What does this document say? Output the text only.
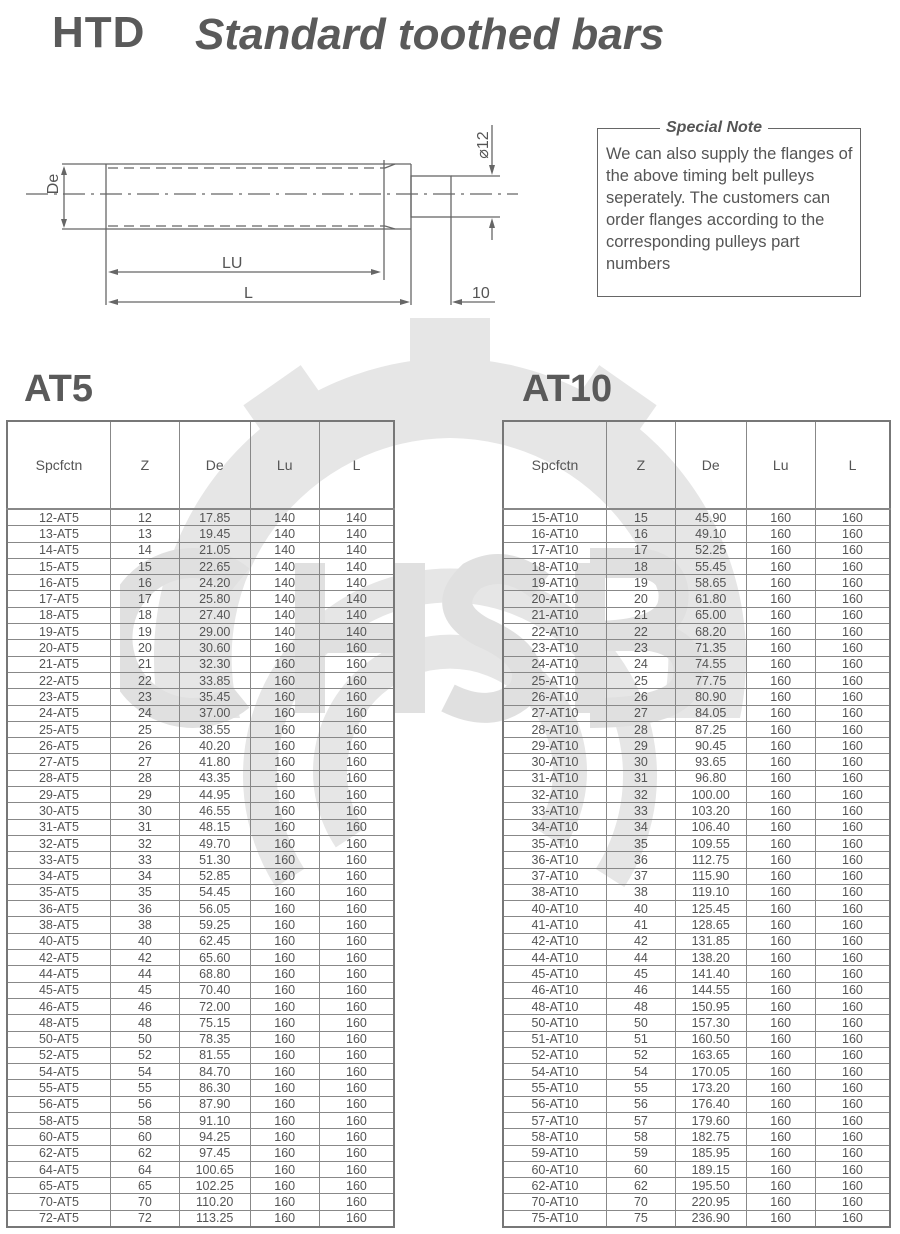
HTD Standard toothed bars
De
LU
L	10
⌀12
Special Note
We can also supply the flanges of the above timing belt pulleys seperately. The customers can order flanges according to the corresponding pulleys part numbers
AT5	AT10
Spcfctn	Z	De	Lu	L
12-AT5	12	17.85	140	140
13-AT5	13	19.45	140	140
14-AT5	14	21.05	140	140
15-AT5	15	22.65	140	140
16-AT5	16	24.20	140	140
17-AT5	17	25.80	140	140
18-AT5	18	27.40	140	140
19-AT5	19	29.00	140	140
20-AT5	20	30.60	160	160
21-AT5	21	32.30	160	160
22-AT5	22	33.85	160	160
23-AT5	23	35.45	160	160
24-AT5	24	37.00	160	160
25-AT5	25	38.55	160	160
26-AT5	26	40.20	160	160
27-AT5	27	41.80	160	160
28-AT5	28	43.35	160	160
29-AT5	29	44.95	160	160
30-AT5	30	46.55	160	160
31-AT5	31	48.15	160	160
32-AT5	32	49.70	160	160
33-AT5	33	51.30	160	160
34-AT5	34	52.85	160	160
35-AT5	35	54.45	160	160
36-AT5	36	56.05	160	160
38-AT5	38	59.25	160	160
40-AT5	40	62.45	160	160
42-AT5	42	65.60	160	160
44-AT5	44	68.80	160	160
45-AT5	45	70.40	160	160
46-AT5	46	72.00	160	160
48-AT5	48	75.15	160	160
50-AT5	50	78.35	160	160
52-AT5	52	81.55	160	160
54-AT5	54	84.70	160	160
55-AT5	55	86.30	160	160
56-AT5	56	87.90	160	160
58-AT5	58	91.10	160	160
60-AT5	60	94.25	160	160
62-AT5	62	97.45	160	160
64-AT5	64	100.65	160	160
65-AT5	65	102.25	160	160
70-AT5	70	110.20	160	160
72-AT5	72	113.25	160	160
Spcfctn	Z	De	Lu	L
15-AT10	15	45.90	160	160
16-AT10	16	49.10	160	160
17-AT10	17	52.25	160	160
18-AT10	18	55.45	160	160
19-AT10	19	58.65	160	160
20-AT10	20	61.80	160	160
21-AT10	21	65.00	160	160
22-AT10	22	68.20	160	160
23-AT10	23	71.35	160	160
24-AT10	24	74.55	160	160
25-AT10	25	77.75	160	160
26-AT10	26	80.90	160	160
27-AT10	27	84.05	160	160
28-AT10	28	87.25	160	160
29-AT10	29	90.45	160	160
30-AT10	30	93.65	160	160
31-AT10	31	96.80	160	160
32-AT10	32	100.00	160	160
33-AT10	33	103.20	160	160
34-AT10	34	106.40	160	160
35-AT10	35	109.55	160	160
36-AT10	36	112.75	160	160
37-AT10	37	115.90	160	160
38-AT10	38	119.10	160	160
40-AT10	40	125.45	160	160
41-AT10	41	128.65	160	160
42-AT10	42	131.85	160	160
44-AT10	44	138.20	160	160
45-AT10	45	141.40	160	160
46-AT10	46	144.55	160	160
48-AT10	48	150.95	160	160
50-AT10	50	157.30	160	160
51-AT10	51	160.50	160	160
52-AT10	52	163.65	160	160
54-AT10	54	170.05	160	160
55-AT10	55	173.20	160	160
56-AT10	56	176.40	160	160
57-AT10	57	179.60	160	160
58-AT10	58	182.75	160	160
59-AT10	59	185.95	160	160
60-AT10	60	189.15	160	160
62-AT10	62	195.50	160	160
70-AT10	70	220.95	160	160
75-AT10	75	236.90	160	160
